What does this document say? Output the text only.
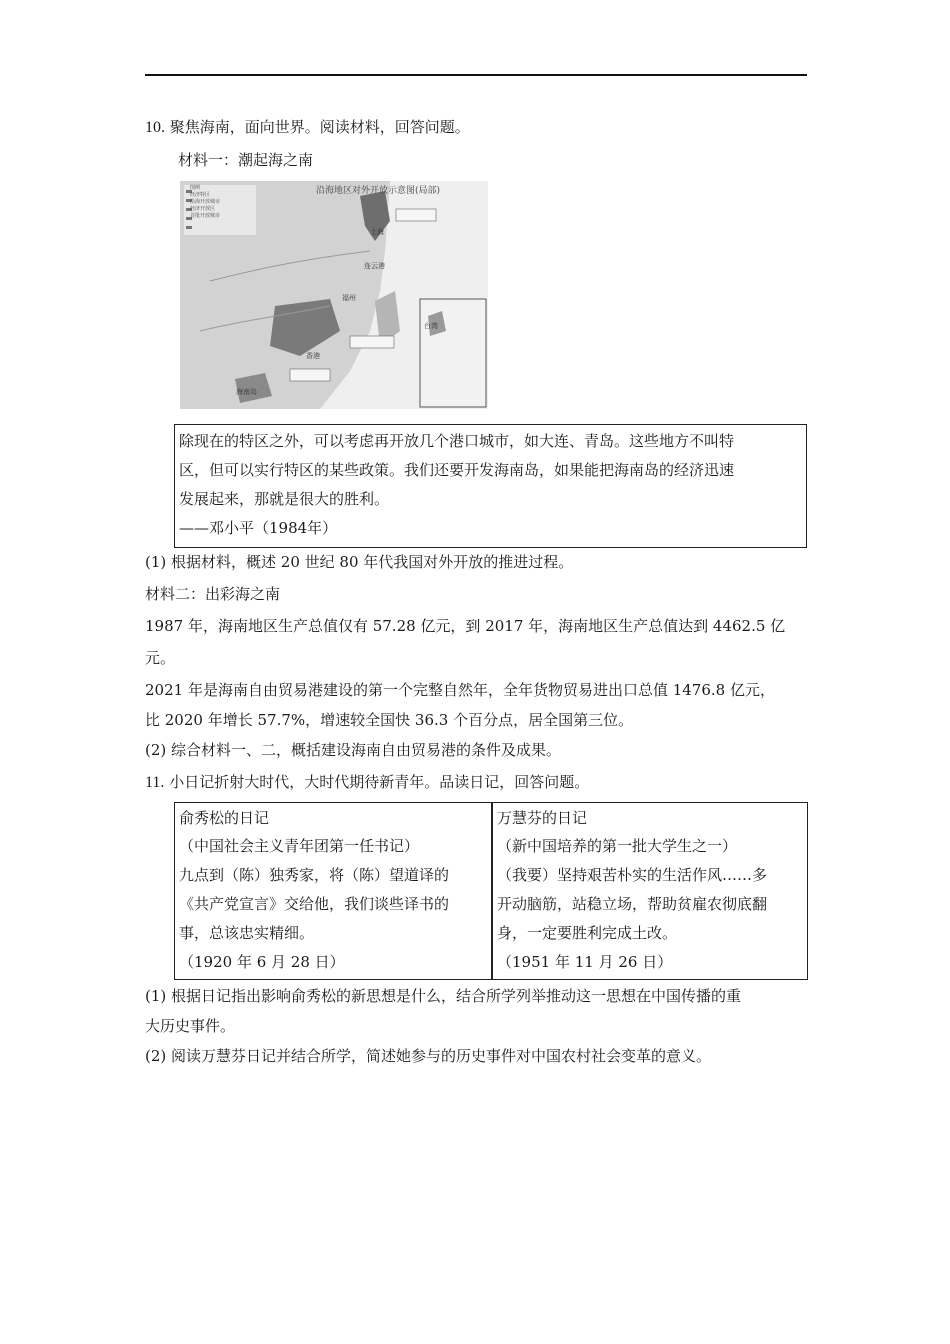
10. 聚焦海南，面向世界。阅读材料，回答问题。
材料一：潮起海之南
沿海地区对外开放示意图(局部)
图例
经济特区
沿海开放城市
经济开放区
首批开放城市
上海
连云港
福州
香港
台湾
海南岛
除现在的特区之外，可以考虑再开放几个港口城市，如大连、青岛。这些地方不叫特
区，但可以实行特区的某些政策。我们还要开发海南岛，如果能把海南岛的经济迅速
发展起来，那就是很大的胜利。
——邓小平（1984年）
(1) 根据材料，概述 20 世纪 80 年代我国对外开放的推进过程。
材料二：出彩海之南
1987 年，海南地区生产总值仅有 57.28 亿元，到 2017 年，海南地区生产总值达到 4462.5 亿
元。
2021 年是海南自由贸易港建设的第一个完整自然年，全年货物贸易进出口总值 1476.8 亿元，
比 2020 年增长 57.7%，增速较全国快 36.3 个百分点，居全国第三位。
(2) 综合材料一、二，概括建设海南自由贸易港的条件及成果。
11. 小日记折射大时代，大时代期待新青年。品读日记，回答问题。
俞秀松的日记
（中国社会主义青年团第一任书记）
九点到（陈）独秀家，将（陈）望道译的
《共产党宣言》交给他，我们谈些译书的
事，总该忠实精细。
（1920 年 6 月 28 日）
万慧芬的日记
（新中国培养的第一批大学生之一）
（我要）坚持艰苦朴实的生活作风……多
开动脑筋，站稳立场，帮助贫雇农彻底翻
身，一定要胜利完成土改。
（1951 年 11 月 26 日）
(1) 根据日记指出影响俞秀松的新思想是什么，结合所学列举推动这一思想在中国传播的重
大历史事件。
(2) 阅读万慧芬日记并结合所学，简述她参与的历史事件对中国农村社会变革的意义。
